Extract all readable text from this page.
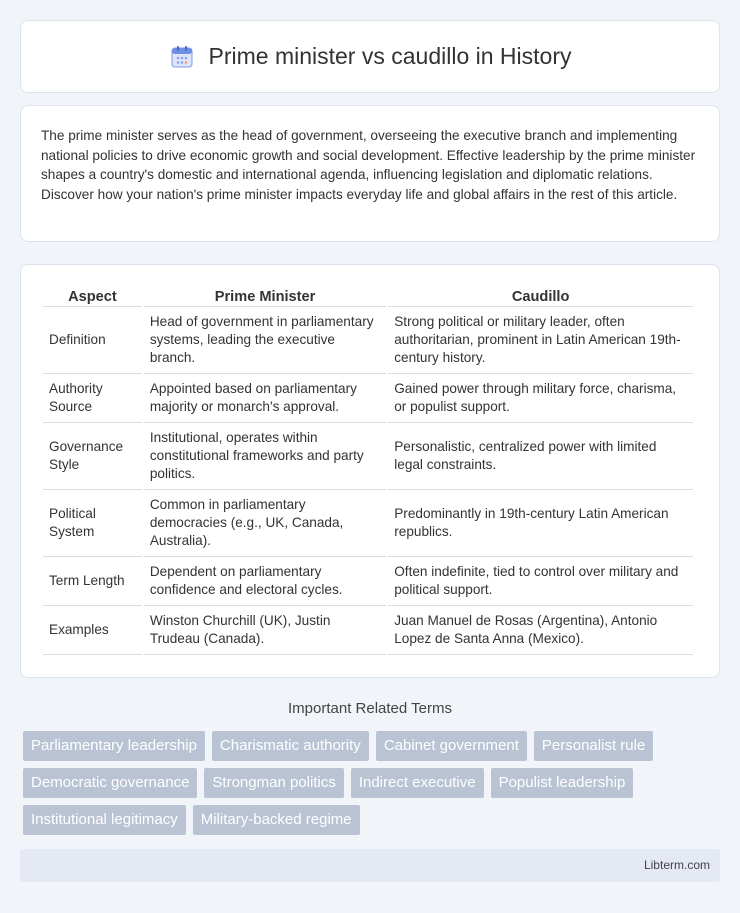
Prime minister vs caudillo in History

The prime minister serves as the head of government, overseeing the executive branch and implementing national policies to drive economic growth and social development. Effective leadership by the prime minister shapes a country's domestic and international agenda, influencing legislation and diplomatic relations. Discover how your nation's prime minister impacts everyday life and global affairs in the rest of this article.

Aspect	Prime Minister	Caudillo
Definition	Head of government in parliamentary systems, leading the executive branch.	Strong political or military leader, often authoritarian, prominent in Latin American 19th-century history.
Authority Source	Appointed based on parliamentary majority or monarch's approval.	Gained power through military force, charisma, or populist support.
Governance Style	Institutional, operates within constitutional frameworks and party politics.	Personalistic, centralized power with limited legal constraints.
Political System	Common in parliamentary democracies (e.g., UK, Canada, Australia).	Predominantly in 19th-century Latin American republics.
Term Length	Dependent on parliamentary confidence and electoral cycles.	Often indefinite, tied to control over military and political support.
Examples	Winston Churchill (UK), Justin Trudeau (Canada).	Juan Manuel de Rosas (Argentina), Antonio Lopez de Santa Anna (Mexico).
Important Related Terms
Parliamentary leadership	Charismatic authority	Cabinet government	Personalist rule
Democratic governance	Strongman politics	Indirect executive	Populist leadership
Institutional legitimacy	Military-backed regime
Libterm.com
